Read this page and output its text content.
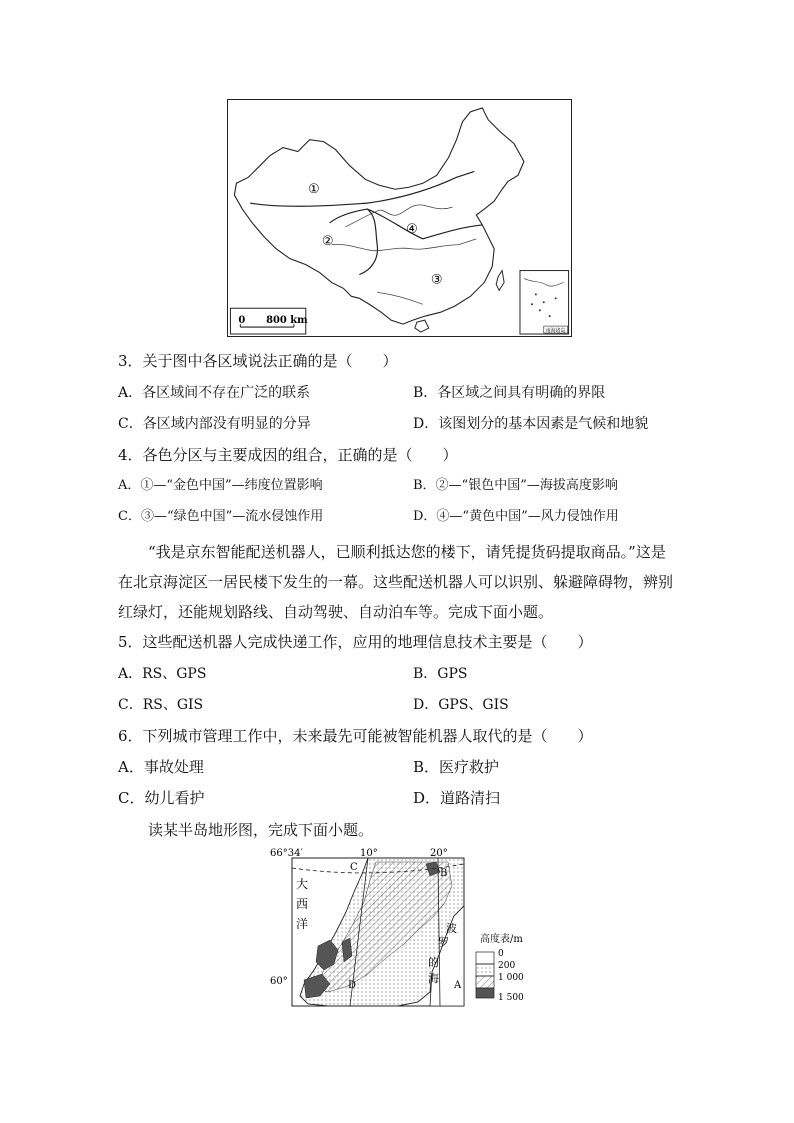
①
②
③
④
0 800 km
南海诸岛
3．关于图中各区域说法正确的是（　　）
A．各区域间不存在广泛的联系	B．各区域之间具有明确的界限
C．各区域内部没有明显的分异	D．该图划分的基本因素是气候和地貌
4．各色分区与主要成因的组合，正确的是（　　）
A．①—“金色中国”—纬度位置影响	B．②—“银色中国”—海拔高度影响
C．③—“绿色中国”—流水侵蚀作用	D．④—“黄色中国”—风力侵蚀作用
“我是京东智能配送机器人，已顺利抵达您的楼下，请凭提货码提取商品。”这是在北京海淀区一居民楼下发生的一幕。这些配送机器人可以识别、躲避障碍物，辨别红绿灯，还能规划路线、自动驾驶、自动泊车等。完成下面小题。
5．这些配送机器人完成快递工作，应用的地理信息技术主要是（　　）
A．RS、GPS	B．GPS
C．RS、GIS	D．GPS、GIS
6．下列城市管理工作中，未来最先可能被智能机器人取代的是（　　）
A．事故处理	B．医疗救护
C．幼儿看护	D．道路清扫
读某半岛地形图，完成下面小题。
66°34′
60°
10°	20°
大
西
洋	波
罗
的
海
A
B
C
D
高度表/m
0
200
1 000
1 500
